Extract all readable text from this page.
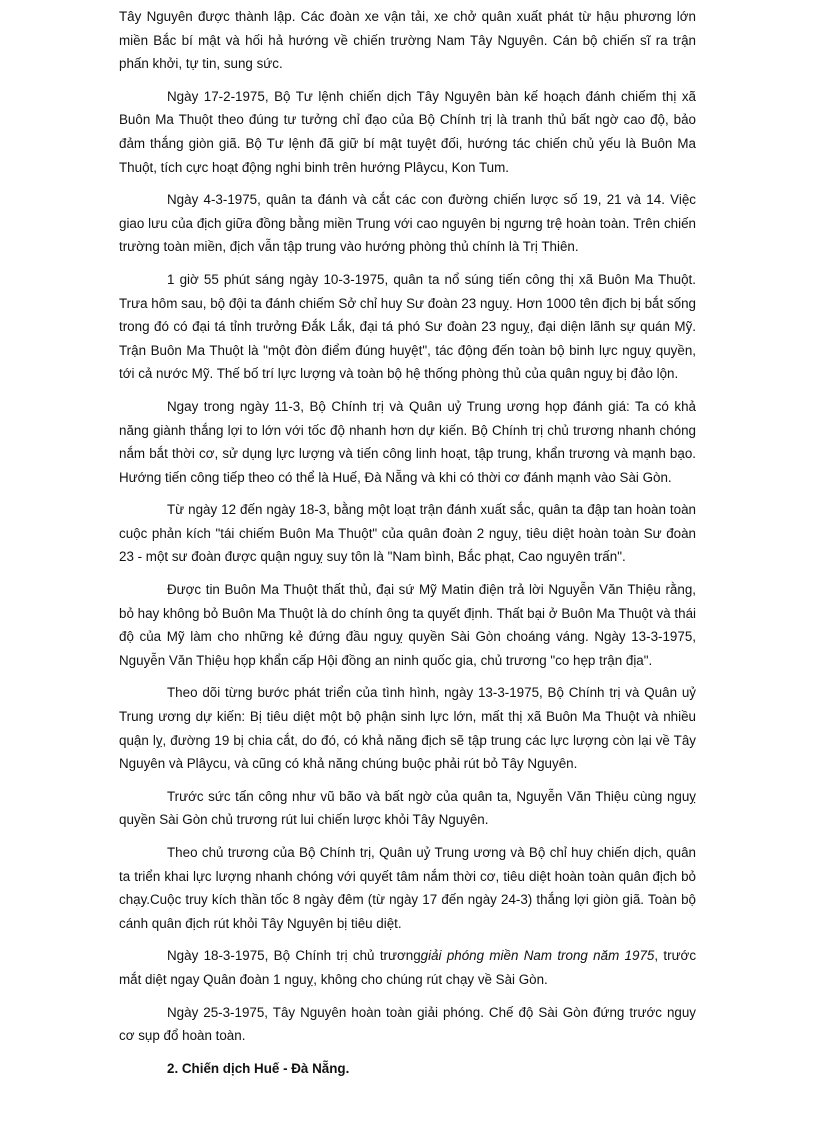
Tây Nguyên được thành lập. Các đoàn xe vận tải, xe chở quân xuất phát từ hậu phương lớn miền Bắc bí mật và hối hả hướng về chiến trường Nam Tây Nguyên. Cán bộ chiến sĩ ra trận phấn khởi, tự tin, sung sức.

Ngày 17-2-1975, Bộ Tư lệnh chiến dịch Tây Nguyên bàn kế hoạch đánh chiếm thị xã Buôn Ma Thuột theo đúng tư tưởng chỉ đạo của Bộ Chính trị là tranh thủ bất ngờ cao độ, bảo đảm thắng giòn giã. Bộ Tư lệnh đã giữ bí mật tuyệt đối, hướng tác chiến chủ yếu là Buôn Ma Thuột, tích cực hoạt động nghi binh trên hướng Plâycu, Kon Tum.

Ngày 4-3-1975, quân ta đánh và cắt các con đường chiến lược số 19, 21 và 14. Việc giao lưu của địch giữa đồng bằng miền Trung với cao nguyên bị ngưng trệ hoàn toàn. Trên chiến trường toàn miền, địch vẫn tập trung vào hướng phòng thủ chính là Trị Thiên.

1 giờ 55 phút sáng ngày 10-3-1975, quân ta nổ súng tiến công thị xã Buôn Ma Thuột. Trưa hôm sau, bộ đội ta đánh chiếm Sở chỉ huy Sư đoàn 23 nguỵ. Hơn 1000 tên địch bị bắt sống trong đó có đại tá tỉnh trưởng Đắk Lắk, đại tá phó Sư đoàn 23 nguỵ, đại diện lãnh sự quán Mỹ. Trận Buôn Ma Thuột là "một đòn điểm đúng huyệt", tác động đến toàn bộ binh lực nguỵ quyền, tới cả nước Mỹ. Thế bố trí lực lượng và toàn bộ hệ thống phòng thủ của quân nguỵ bị đảo lộn.

Ngay trong ngày 11-3, Bộ Chính trị và Quân uỷ Trung ương họp đánh giá: Ta có khả năng giành thắng lợi to lớn với tốc độ nhanh hơn dự kiến. Bộ Chính trị chủ trương nhanh chóng nắm bắt thời cơ, sử dụng lực lượng và tiến công linh hoạt, tập trung, khẩn trương và mạnh bạo. Hướng tiến công tiếp theo có thể là Huế, Đà Nẵng và khi có thời cơ đánh mạnh vào Sài Gòn.

Từ ngày 12 đến ngày 18-3, bằng một loạt trận đánh xuất sắc, quân ta đập tan hoàn toàn cuộc phản kích "tái chiếm Buôn Ma Thuột" của quân đoàn 2 nguỵ, tiêu diệt hoàn toàn Sư đoàn 23 - một sư đoàn được quận nguỵ suy tôn là "Nam bình, Bắc phạt, Cao nguyên trấn".

Được tin Buôn Ma Thuột thất thủ, đại sứ Mỹ Matin điện trả lời Nguyễn Văn Thiệu rằng, bỏ hay không bỏ Buôn Ma Thuột là do chính ông ta quyết định. Thất bại ở Buôn Ma Thuột và thái độ của Mỹ làm cho những kẻ đứng đầu nguỵ quyền Sài Gòn choáng váng. Ngày 13-3-1975, Nguyễn Văn Thiệu họp khẩn cấp Hội đồng an ninh quốc gia, chủ trương "co hẹp trận địa".

Theo dõi từng bước phát triển của tình hình, ngày 13-3-1975, Bộ Chính trị và Quân uỷ Trung ương dự kiến: Bị tiêu diệt một bộ phận sinh lực lớn, mất thị xã Buôn Ma Thuột và nhiều quận lỵ, đường 19 bị chia cắt, do đó, có khả năng địch sẽ tập trung các lực lượng còn lại về Tây Nguyên và Plâycu, và cũng có khả năng chúng buộc phải rút bỏ Tây Nguyên.

Trước sức tấn công như vũ bão và bất ngờ của quân ta, Nguyễn Văn Thiệu cùng nguỵ quyền Sài Gòn chủ trương rút lui chiến lược khỏi Tây Nguyên.

Theo chủ trương của Bộ Chính trị, Quân uỷ Trung ương và Bộ chỉ huy chiến dịch, quân ta triển khai lực lượng nhanh chóng với quyết tâm nắm thời cơ, tiêu diệt hoàn toàn quân địch bỏ chạy.Cuộc truy kích thần tốc 8 ngày đêm (từ ngày 17 đến ngày 24-3) thắng lợi giòn giã. Toàn bộ cánh quân địch rút khỏi Tây Nguyên bị tiêu diệt.

Ngày 18-3-1975, Bộ Chính trị chủ trươnggiải phóng miền Nam trong năm 1975, trước mắt diệt ngay Quân đoàn 1 nguỵ, không cho chúng rút chạy về Sài Gòn.

Ngày 25-3-1975, Tây Nguyên hoàn toàn giải phóng. Chế độ Sài Gòn đứng trước nguy cơ sụp đổ hoàn toàn.

2. Chiến dịch Huế - Đà Nẵng.
